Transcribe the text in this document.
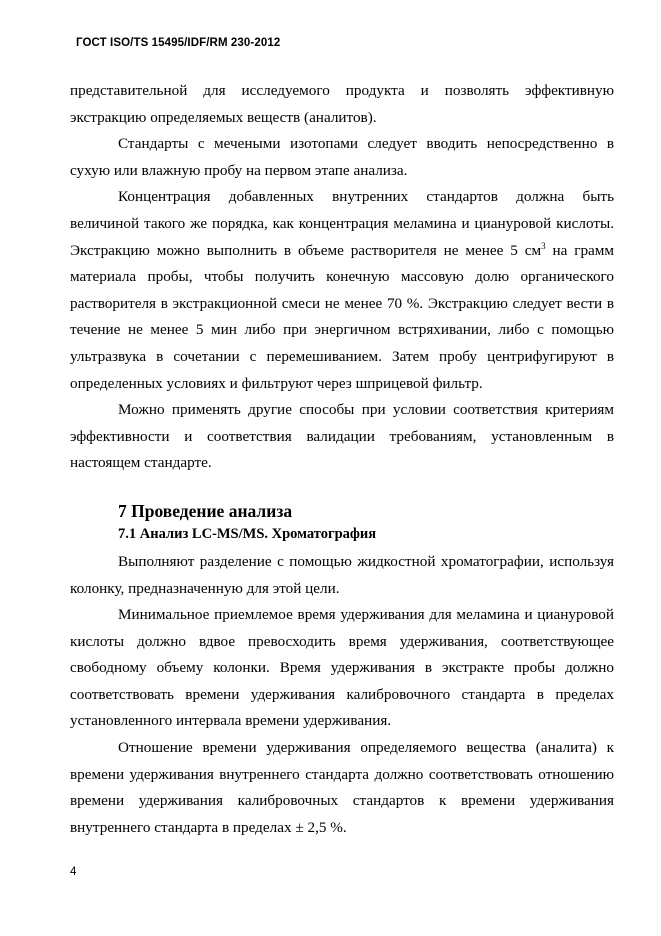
ГОСТ ISO/TS 15495/IDF/RM 230-2012

представительной для исследуемого продукта и позволять эффективную экстракцию определяемых веществ (аналитов).

Стандарты с мечеными изотопами следует вводить непосредственно в сухую или влажную пробу на первом этапе анализа.

Концентрация добавленных внутренних стандартов должна быть величиной такого же порядка, как концентрация меламина и циануровой кислоты. Экстракцию можно выполнить в объеме растворителя не менее 5 $см^3$ на грамм материала пробы, чтобы получить конечную массовую долю органического растворителя в экстракционной смеси не менее 70 %. Экстракцию следует вести в течение не менее 5 мин либо при энергичном встряхивании, либо с помощью ультразвука в сочетании с перемешиванием. Затем пробу центрифугируют в определенных условиях и фильтруют через шприцевой фильтр.

Можно применять другие способы при условии соответствия критериям эффективности и соответствия валидации требованиям, установленным в настоящем стандарте.

7 Проведение анализа
7.1 Анализ LC-MS/MS. Хроматография

Выполняют разделение с помощью жидкостной хроматографии, используя колонку, предназначенную для этой цели.

Минимальное приемлемое время удерживания для меламина и циануровой кислоты должно вдвое превосходить время удерживания, соответствующее свободному объему колонки. Время удерживания в экстракте пробы должно соответствовать времени удерживания калибровочного стандарта в пределах установленного интервала времени удерживания.

Отношение времени удерживания определяемого вещества (аналита) к времени удерживания внутреннего стандарта должно соответствовать отношению времени удерживания калибровочных стандартов к времени удерживания внутреннего стандарта в пределах ± 2,5 %.

4
